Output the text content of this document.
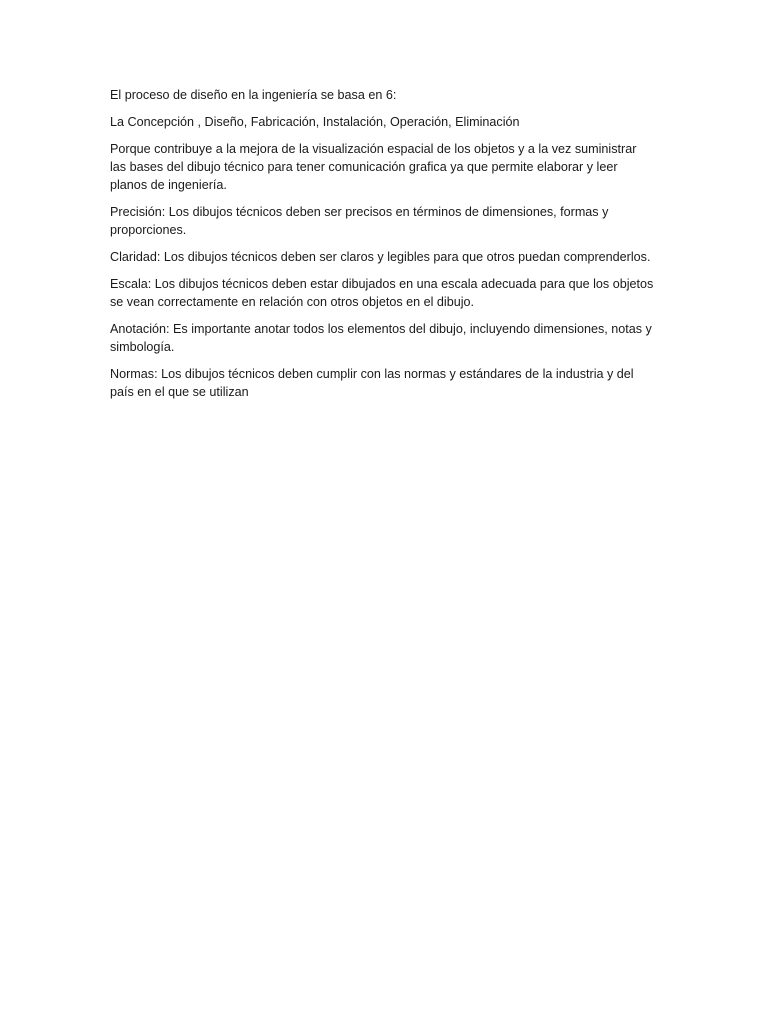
El proceso de diseño en la ingeniería se basa en 6:

La Concepción , Diseño, Fabricación, Instalación, Operación, Eliminación

Porque contribuye a la mejora de la visualización espacial de los objetos y a la vez suministrar las bases del dibujo técnico para tener comunicación grafica ya que permite elaborar y leer planos de ingeniería.

Precisión: Los dibujos técnicos deben ser precisos en términos de dimensiones, formas y proporciones.

Claridad: Los dibujos técnicos deben ser claros y legibles para que otros puedan comprenderlos.

Escala: Los dibujos técnicos deben estar dibujados en una escala adecuada para que los objetos se vean correctamente en relación con otros objetos en el dibujo.

Anotación: Es importante anotar todos los elementos del dibujo, incluyendo dimensiones, notas y simbología.

Normas: Los dibujos técnicos deben cumplir con las normas y estándares de la industria y del país en el que se utilizan
